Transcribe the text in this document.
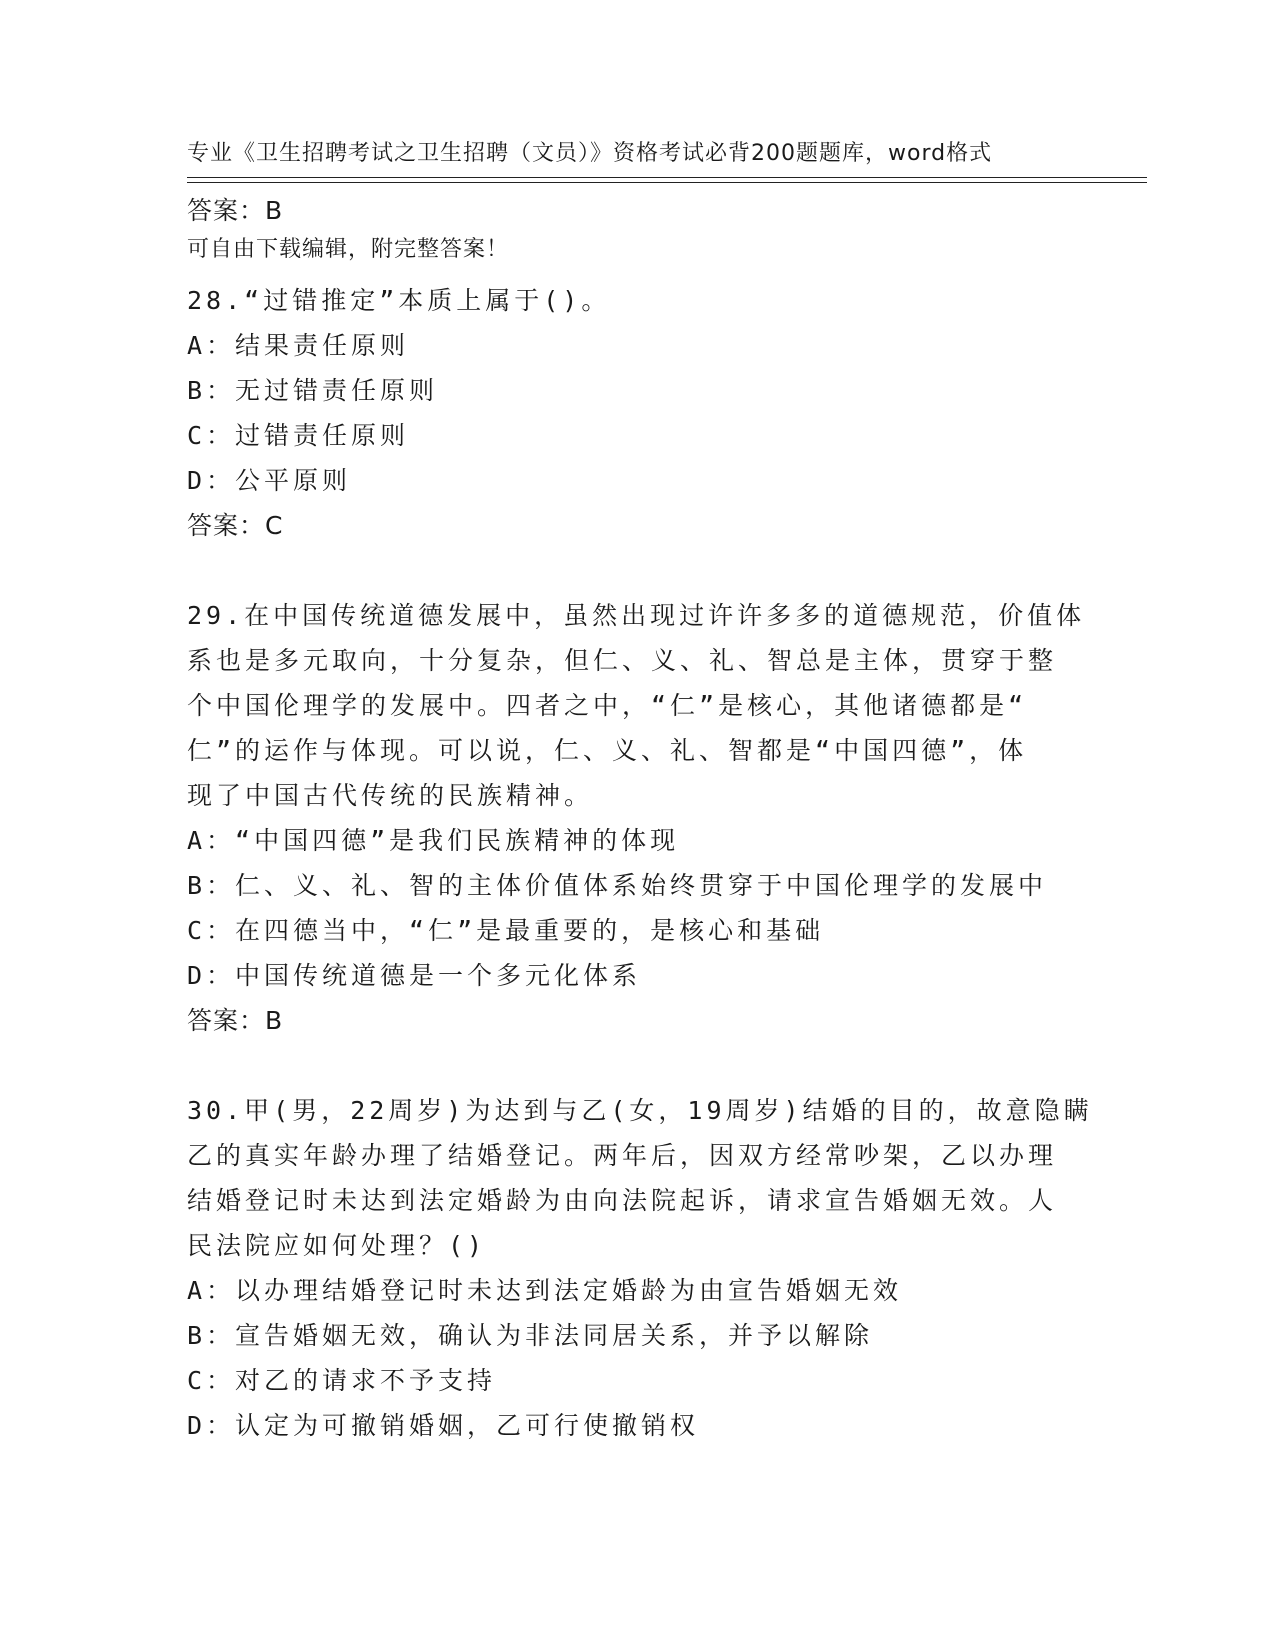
专业《卫生招聘考试之卫生招聘（文员）》资格考试必背200题题库，word格式

可自由下载编辑，附完整答案！

答案：B
28.“过错推定”本质上属于()。
A：结果责任原则
B：无过错责任原则
C：过错责任原则
D：公平原则
答案：C
29.在中国传统道德发展中，虽然出现过许许多多的道德规范，价值体
系也是多元取向，十分复杂，但仁、义、礼、智总是主体，贯穿于整
个中国伦理学的发展中。四者之中，“仁”是核心，其他诸德都是“
仁”的运作与体现。可以说，仁、义、礼、智都是“中国四德”，体
现了中国古代传统的民族精神。
A：“中国四德”是我们民族精神的体现
B：仁、义、礼、智的主体价值体系始终贯穿于中国伦理学的发展中
C：在四德当中，“仁”是最重要的，是核心和基础
D：中国传统道德是一个多元化体系
答案：B
30.甲(男，22周岁)为达到与乙(女，19周岁)结婚的目的，故意隐瞒
乙的真实年龄办理了结婚登记。两年后，因双方经常吵架，乙以办理
结婚登记时未达到法定婚龄为由向法院起诉，请求宣告婚姻无效。人
民法院应如何处理？()
A：以办理结婚登记时未达到法定婚龄为由宣告婚姻无效
B：宣告婚姻无效，确认为非法同居关系，并予以解除
C：对乙的请求不予支持
D：认定为可撤销婚姻，乙可行使撤销权
